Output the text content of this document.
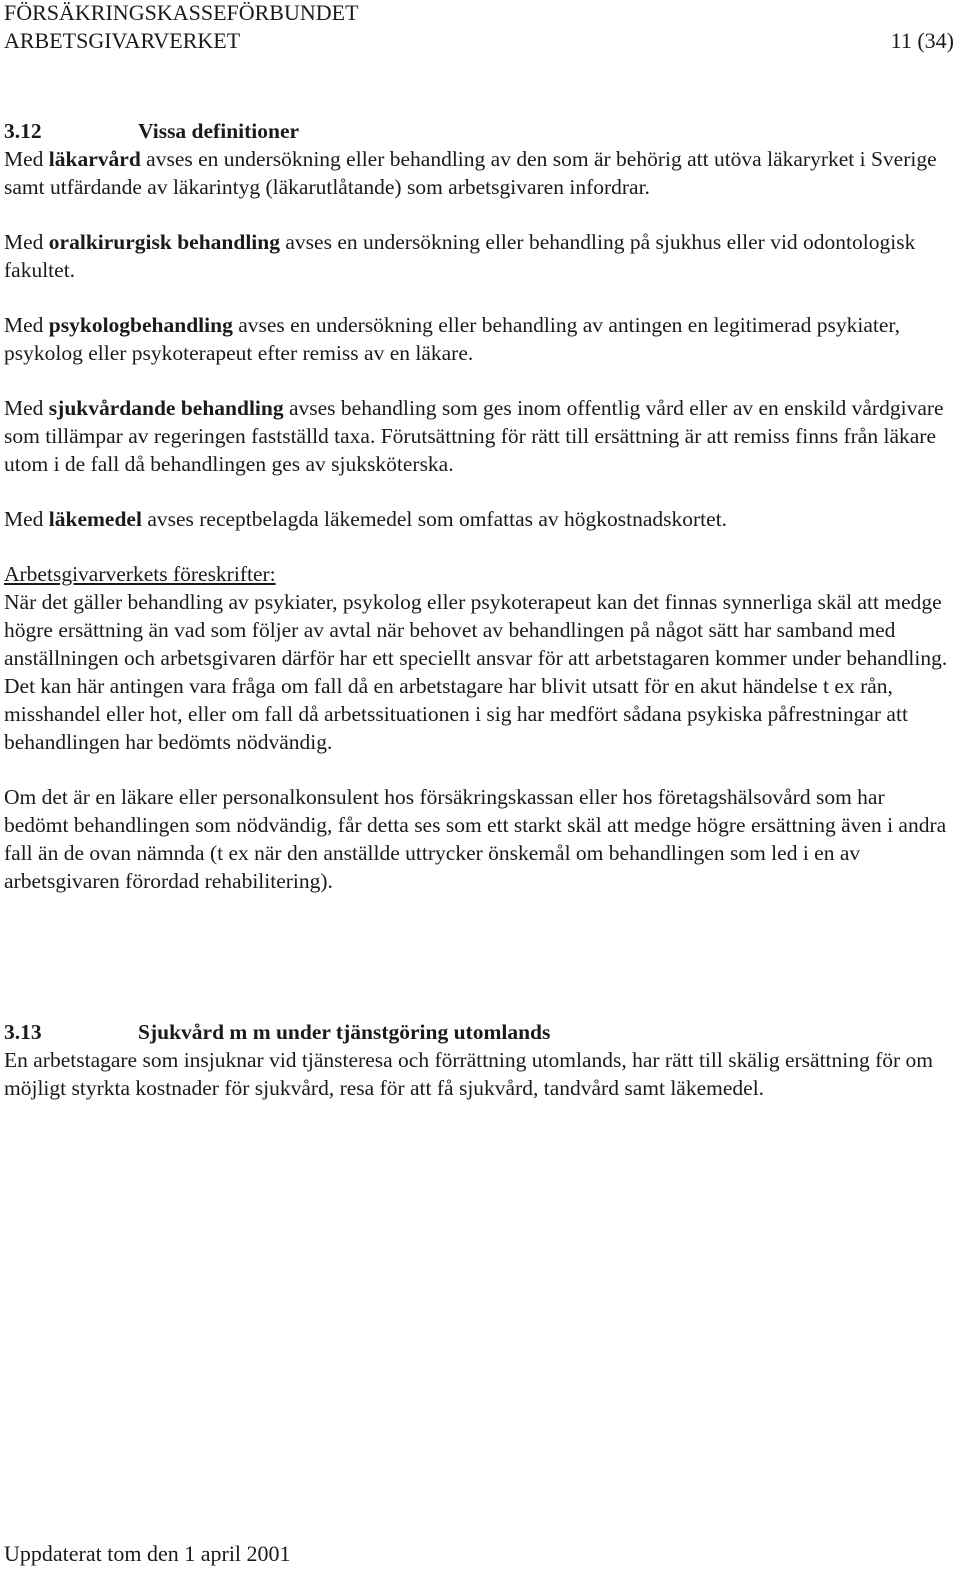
FÖRSÄKRINGSKASSEFÖRBUNDET
ARBETSGIVARVERKET	11 (34)
3.12	Vissa definitioner

Med läkarvård avses en undersökning eller behandling av den som är behörig att utöva läkaryrket i Sverige samt utfärdande av läkarintyg (läkarutlåtande) som arbetsgivaren infordrar.

Med oralkirurgisk behandling avses en undersökning eller behandling på sjukhus eller vid odontologisk fakultet.

Med psykologbehandling avses en undersökning eller behandling av antingen en legitimerad psykiater, psykolog eller psykoterapeut efter remiss av en läkare.

Med sjukvårdande behandling avses behandling som ges inom offentlig vård eller av en enskild vårdgivare som tillämpar av regeringen fastställd taxa. Förutsättning för rätt till ersättning är att remiss finns från läkare utom i de fall då behandlingen ges av sjuksköterska.

Med läkemedel avses receptbelagda läkemedel som omfattas av högkostnadskortet.

Arbetsgivarverkets föreskrifter:

När det gäller behandling av psykiater, psykolog eller psykoterapeut kan det finnas synnerliga skäl att medge högre ersättning än vad som följer av avtal när behovet av behandlingen på något sätt har samband med anställningen och arbetsgivaren därför har ett speciellt ansvar för att arbetstagaren kommer under behandling. Det kan här antingen vara fråga om fall då en arbetstagare har blivit utsatt för en akut händelse t ex rån, misshandel eller hot, eller om fall då arbetssituationen i sig har medfört sådana psykiska påfrestningar att behandlingen har bedömts nödvändig.

Om det är en läkare eller personalkonsulent hos försäkringskassan eller hos företagshälsovård som har bedömt behandlingen som nödvändig, får detta ses som ett starkt skäl att medge högre ersättning även i andra fall än de ovan nämnda (t ex när den anställde uttrycker önskemål om behandlingen som led i en av arbetsgivaren förordad rehabilitering).

3.13	Sjukvård m m under tjänstgöring utomlands

En arbetstagare som insjuknar vid tjänsteresa och förrättning utomlands, har rätt till skälig ersättning för om möjligt styrkta kostnader för sjukvård, resa för att få sjukvård, tandvård samt läkemedel.

Uppdaterat tom den 1 april 2001
